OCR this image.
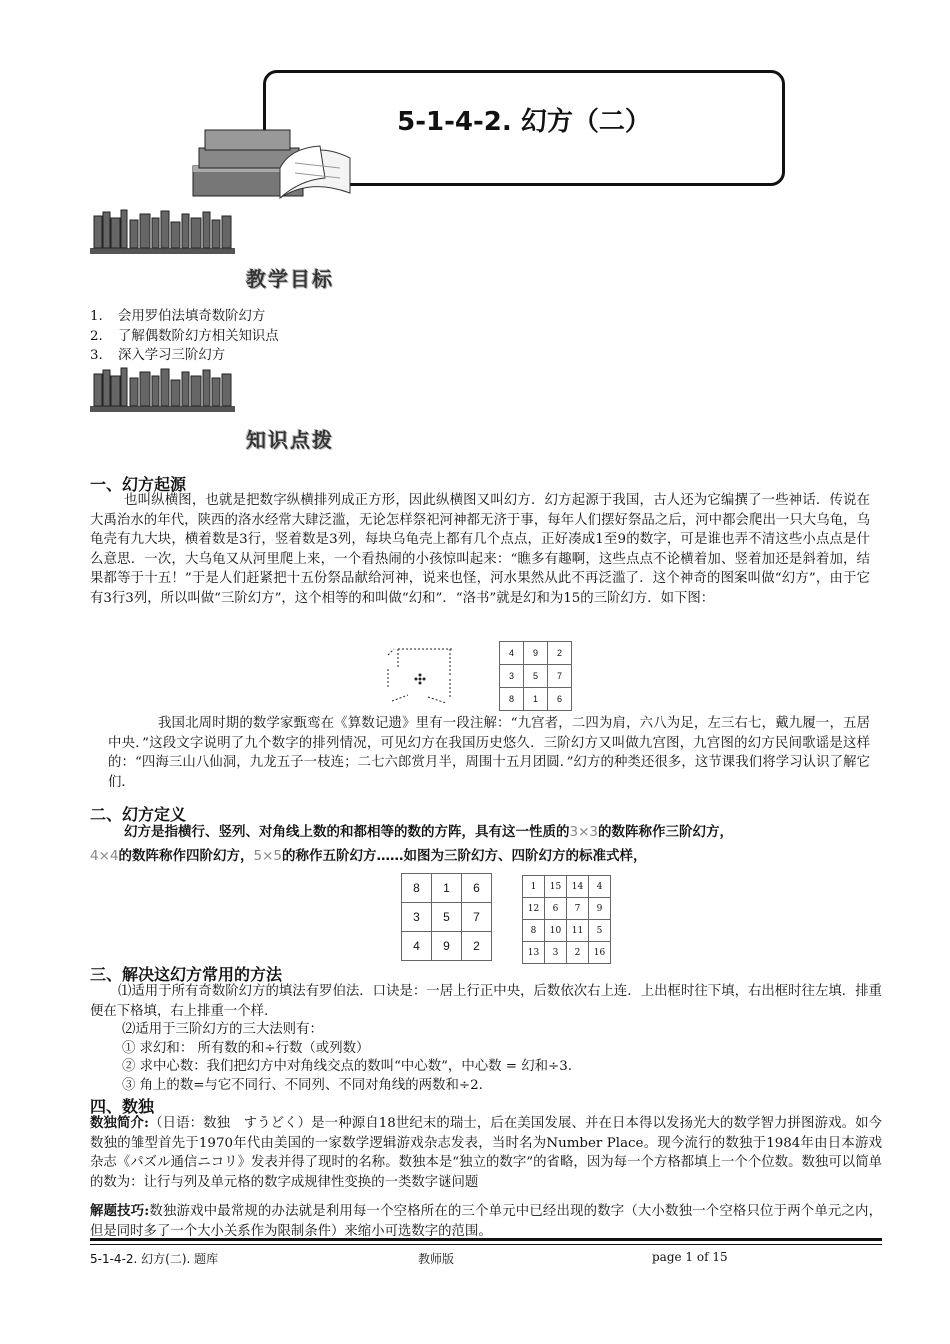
5-1-4-2. 幻方（二）
教学目标
1. 会用罗伯法填奇数阶幻方
2. 了解偶数阶幻方相关知识点
3. 深入学习三阶幻方
知识点拨
一、幻方起源
也叫纵横图，也就是把数字纵横排列成正方形，因此纵横图又叫幻方．幻方起源于我国，古人还为它编撰了一些神话．传说在大禹治水的年代，陕西的洛水经常大肆泛滥，无论怎样祭祀河神都无济于事，每年人们摆好祭品之后，河中都会爬出一只大乌龟，乌龟壳有九大块，横着数是3行，竖着数是3列，每块乌龟壳上都有几个点点，正好凑成1至9的数字，可是谁也弄不清这些小点点是什么意思．一次，大乌龟又从河里爬上来，一个看热闹的小孩惊叫起来：“瞧多有趣啊，这些点点不论横着加、竖着加还是斜着加，结果都等于十五！”于是人们赶紧把十五份祭品献给河神，说来也怪，河水果然从此不再泛滥了．这个神奇的图案叫做“幻方”，由于它有3行3列，所以叫做“三阶幻方”，这个相等的和叫做“幻和”．“洛书”就是幻和为15的三阶幻方．如下图：
4	9	2
3	5	7
8	1	6
我国北周时期的数学家甄鸾在《算数记遗》里有一段注解：“九宫者，二四为肩，六八为足，左三右七，戴九履一，五居中央．”这段文字说明了九个数字的排列情况，可见幻方在我国历史悠久．三阶幻方又叫做九宫图，九宫图的幻方民间歌谣是这样的：“四海三山八仙洞，九龙五子一枝连；二七六郎赏月半，周围十五月团圆．”幻方的种类还很多，这节课我们将学习认识了解它们．
二、幻方定义
幻方是指横行、竖列、对角线上数的和都相等的数的方阵，具有这一性质的3×3的数阵称作三阶幻方，
4×4的数阵称作四阶幻方，5×5的称作五阶幻方……如图为三阶幻方、四阶幻方的标准式样，
8	1	6
3	5	7
4	9	2
1	15	14	4
12	6	7	9
8	10	11	5
13	3	2	16
三、解决这幻方常用的方法
⑴适用于所有奇数阶幻方的填法有罗伯法．口诀是：一居上行正中央，后数依次右上连．上出框时往下填，右出框时往左填．排重便在下格填，右上排重一个样．
⑵适用于三阶幻方的三大法则有：
① 求幻和： 所有数的和÷行数（或列数）
② 求中心数：我们把幻方中对角线交点的数叫“中心数”，中心数 = 幻和÷3.
③ 角上的数=与它不同行、不同列、不同对角线的两数和÷2.
四、数独
数独简介:（日语：数独　すうどく）是一种源自18世纪末的瑞士，后在美国发展、并在日本得以发扬光大的数学智力拼图游戏。如今数独的雏型首先于1970年代由美国的一家数学逻辑游戏杂志发表，当时名为Number Place。现今流行的数独于1984年由日本游戏杂志《パズル通信ニコリ》发表并得了现时的名称。数独本是“独立的数字”的省略，因为每一个方格都填上一个个位数。数独可以简单的数为：让行与列及单元格的数字成规律性变换的一类数字谜问题
解题技巧:数独游戏中最常规的办法就是利用每一个空格所在的三个单元中已经出现的数字（大小数独一个空格只位于两个单元之内，但是同时多了一个大小关系作为限制条件）来缩小可选数字的范围。
5-1-4-2. 幻方(二). 题库	教师版	page 1 of 15
